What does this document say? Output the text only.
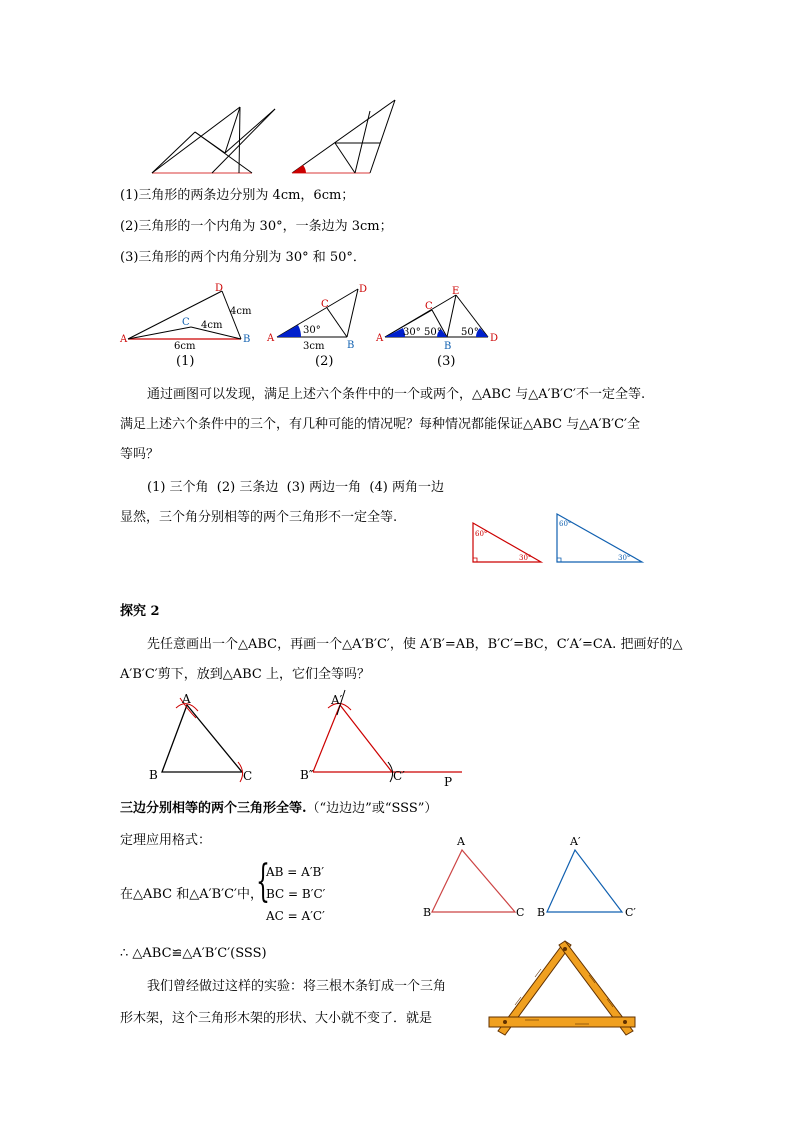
(1)三角形的两条边分别为 4cm，6cm；
(2)三角形的一个内角为 30°，一条边为 3cm；
(3)三角形的两个内角分别为 30° 和 50°．
A	B
C
D
4cm
4cm
6cm
(1)
A
B
C
D
30°
3cm
(2)
A
B
C
D
E
30° 50° 50°
(3)
通过画图可以发现，满足上述六个条件中的一个或两个，△ABC 与△A′B′C′不一定全等.
满足上述六个条件中的三个，有几种可能的情况呢？每种情况都能保证△ABC 与△A′B′C′全
等吗？
(1) 三个角  (2) 三条边  (3) 两边一角  (4) 两角一边
显然，三个角分别相等的两个三角形不一定全等.
60°
30°
60°
30°
探究 2
先任意画出一个△ABC，再画一个△A′B′C′，使 A′B′=AB，B′C′=BC，C′A′=CA. 把画好的△
A′B′C′剪下，放到△ABC 上，它们全等吗？
A
B	C
A′
B″	C′	P
三边分别相等的两个三角形全等.（“边边边”或“SSS”）
定理应用格式：
在△ABC 和△A′B′C′中，
{
AB = A′B′
BC = B′C′
AC = A′C′
A
B	C
A′
B	C′
∴ △ABC≌△A′B′C′(SSS)
我们曾经做过这样的实验：将三根木条钉成一个三角
形木架，这个三角形木架的形状、大小就不变了．就是
